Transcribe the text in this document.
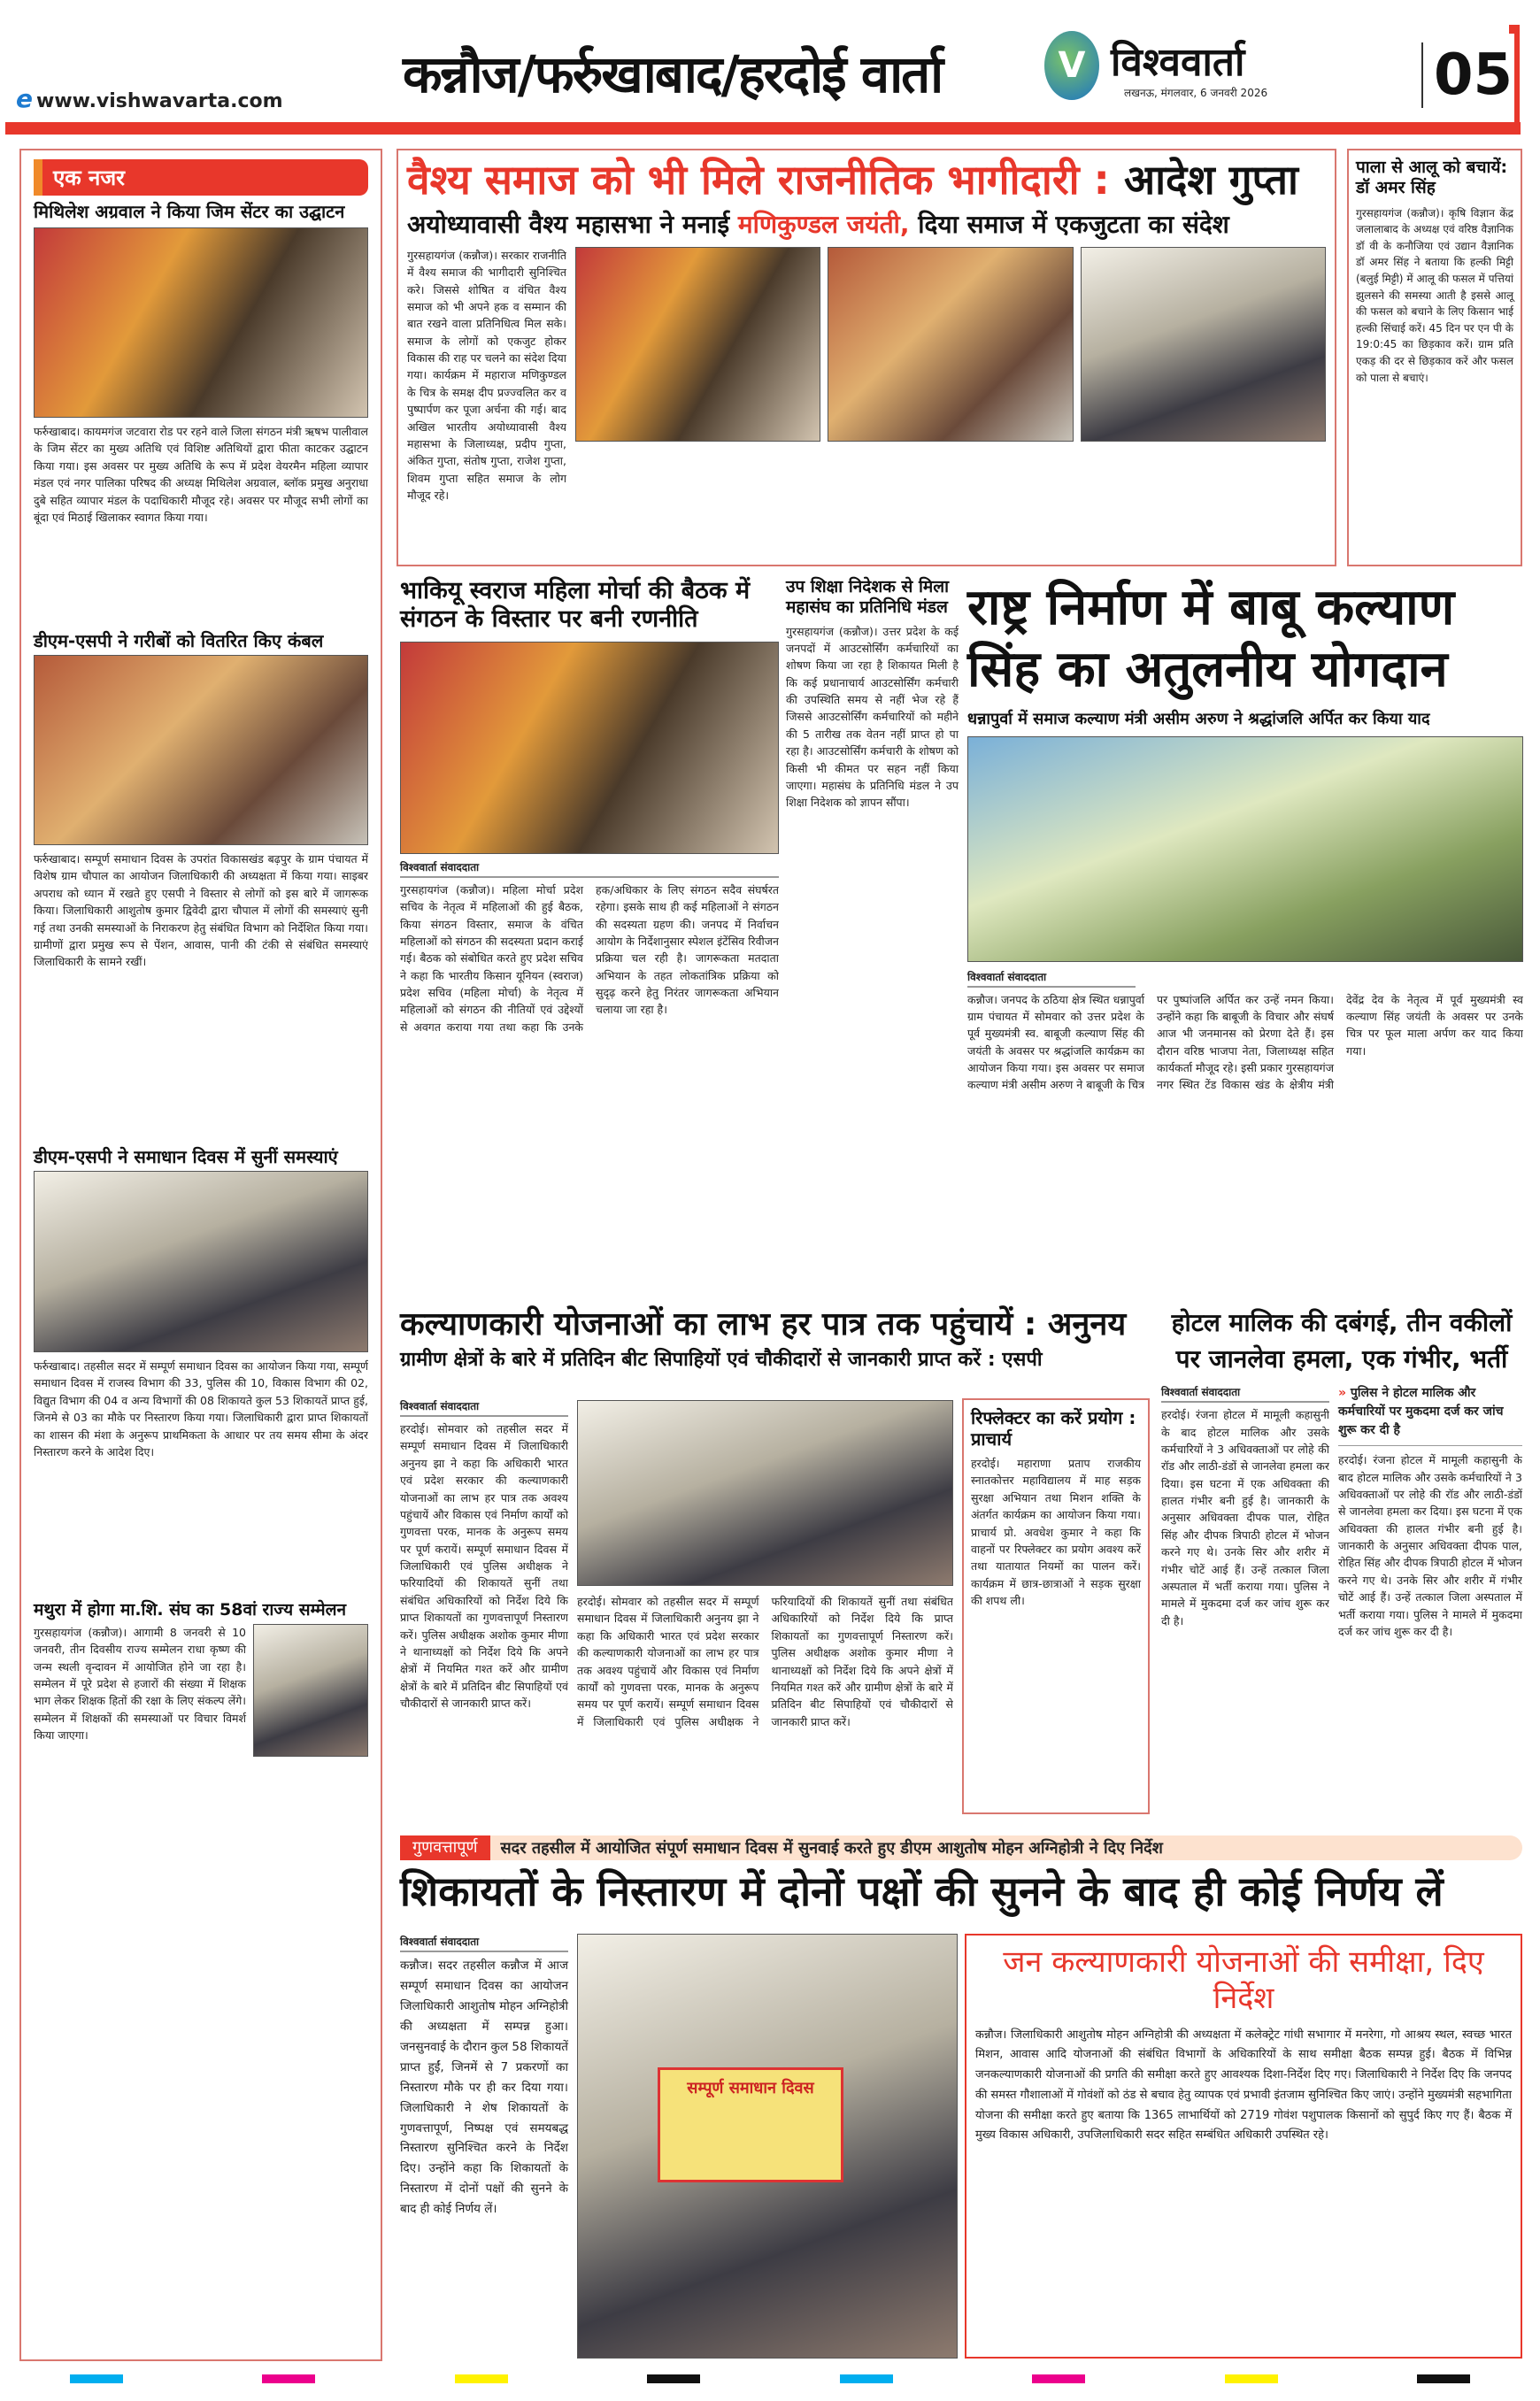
e www.vishwavarta.com कन्नौज/फर्रुखाबाद/हरदोई वार्ता	V विश्ववार्ता
लखनऊ, मंगलवार, 6 जनवरी 2026	05
एक नजर
मिथिलेश अग्रवाल ने किया जिम सेंटर का उद्घाटन
फर्रुखाबाद। कायमगंज जटवारा रोड पर रहने वाले जिला संगठन मंत्री ऋषभ पालीवाल के जिम सेंटर का मुख्य अतिथि एवं विशिष्ट अतिथियों द्वारा फीता काटकर उद्घाटन किया गया। इस अवसर पर मुख्य अतिथि के रूप में प्रदेश वेयरमैन महिला व्यापार मंडल एवं नगर पालिका परिषद की अध्यक्ष मिथिलेश अग्रवाल, ब्लॉक प्रमुख अनुराधा दुबे सहित व्यापार मंडल के पदाधिकारी मौजूद रहे। अवसर पर मौजूद सभी लोगों का बूंदा एवं मिठाई खिलाकर स्वागत किया गया।
डीएम-एसपी ने गरीबों को वितरित किए कंबल
फर्रुखाबाद। सम्पूर्ण समाधान दिवस के उपरांत विकासखंड बढ़पुर के ग्राम पंचायत में विशेष ग्राम चौपाल का आयोजन जिलाधिकारी की अध्यक्षता में किया गया। साइबर अपराध को ध्यान में रखते हुए एसपी ने विस्तार से लोगों को इस बारे में जागरूक किया। जिलाधिकारी आशुतोष कुमार द्विवेदी द्वारा चौपाल में लोगों की समस्याएं सुनी गई तथा उनकी समस्याओं के निराकरण हेतु संबंधित विभाग को निर्देशित किया गया। ग्रामीणों द्वारा प्रमुख रूप से पेंशन, आवास, पानी की टंकी से संबंधित समस्याएं जिलाधिकारी के सामने रखीं।
डीएम-एसपी ने समाधान दिवस में सुनीं समस्याएं
फर्रुखाबाद। तहसील सदर में सम्पूर्ण समाधान दिवस का आयोजन किया गया, सम्पूर्ण समाधान दिवस में राजस्व विभाग की 33, पुलिस की 10, विकास विभाग की 02, विद्युत विभाग की 04 व अन्य विभागों की 08 शिकायते कुल 53 शिकायतें प्राप्त हुई, जिनमे से 03 का मौके पर निस्तारण किया गया। जिलाधिकारी द्वारा प्राप्त शिकायतों का शासन की मंशा के अनुरूप प्राथमिकता के आधार पर तय समय सीमा के अंदर निस्तारण करने के आदेश दिए।
मथुरा में होगा मा.शि. संघ का 58वां राज्य सम्मेलन
गुरसहायगंज (कन्नौज)। आगामी 8 जनवरी से 10 जनवरी, तीन दिवसीय राज्य सम्मेलन राधा कृष्ण की जन्म स्थली वृन्दावन में आयोजित होने जा रहा है। सम्मेलन में पूरे प्रदेश से हजारों की संख्या में शिक्षक भाग लेकर शिक्षक हितों की रक्षा के लिए संकल्प लेंगे। सम्मेलन में शिक्षकों की समस्याओं पर विचार विमर्श किया जाएगा।
वैश्य समाज को भी मिले राजनीतिक भागीदारी : आदेश गुप्ता
अयोध्यावासी वैश्य महासभा ने मनाई मणिकुण्डल जयंती, दिया समाज में एकजुटता का संदेश
गुरसहायगंज (कन्नौज)। सरकार राजनीति में वैश्य समाज की भागीदारी सुनिश्चित करे। जिससे शोषित व वंचित वैश्य समाज को भी अपने हक व सम्मान की बात रखने वाला प्रतिनिधित्व मिल सके। समाज के लोगों को एकजुट होकर विकास की राह पर चलने का संदेश दिया गया। कार्यक्रम में महाराज मणिकुण्डल के चित्र के समक्ष दीप प्रज्ज्वलित कर व पुष्पार्पण कर पूजा अर्चना की गई। बाद अखिल भारतीय अयोध्यावासी वैश्य महासभा के जिलाध्यक्ष, प्रदीप गुप्ता, अंकित गुप्ता, संतोष गुप्ता, राजेश गुप्ता, शिवम गुप्ता सहित समाज के लोग मौजूद रहे।
पाला से आलू को बचायें: डॉ अमर सिंह
गुरसहायगंज (कन्नौज)। कृषि विज्ञान केंद्र जलालाबाद के अध्यक्ष एवं वरिष्ठ वैज्ञानिक डॉ वी के कनौजिया एवं उद्यान वैज्ञानिक डॉ अमर सिंह ने बताया कि हल्की मिट्टी (बलुई मिट्टी) में आलू की फसल में पत्तियां झुलसने की समस्या आती है इससे आलू की फसल को बचाने के लिए किसान भाई हल्की सिंचाई करें। 45 दिन पर एन पी के 19:0:45 का छिड़काव करें। ग्राम प्रति एकड़ की दर से छिड़काव करें और फसल को पाला से बचाएं।
भाकियू स्वराज महिला मोर्चा की बैठक में संगठन के विस्तार पर बनी रणनीति
विश्ववार्ता संवाददाता
गुरसहायगंज (कन्नौज)। महिला मोर्चा प्रदेश सचिव के नेतृत्व में महिलाओं की हुई बैठक, किया संगठन विस्तार, समाज के वंचित महिलाओं को संगठन की सदस्यता प्रदान कराई गई। बैठक को संबोधित करते हुए प्रदेश सचिव ने कहा कि भारतीय किसान यूनियन (स्वराज) प्रदेश सचिव (महिला मोर्चा) के नेतृत्व में महिलाओं को संगठन की नीतियों एवं उद्देश्यों से अवगत कराया गया तथा कहा कि उनके हक/अधिकार के लिए संगठन सदैव संघर्षरत रहेगा। इसके साथ ही कई महिलाओं ने संगठन की सदस्यता ग्रहण की। जनपद में निर्वाचन आयोग के निर्देशानुसार स्पेशल इंटेंसिव रिवीजन प्रक्रिया चल रही है। जागरूकता मतदाता अभियान के तहत लोकतांत्रिक प्रक्रिया को सुदृढ़ करने हेतु निरंतर जागरूकता अभियान चलाया जा रहा है।
उप शिक्षा निदेशक से मिला महासंघ का प्रतिनिधि मंडल
गुरसहायगंज (कन्नौज)। उत्तर प्रदेश के कई जनपदों में आउटसोर्सिंग कर्मचारियों का शोषण किया जा रहा है शिकायत मिली है कि कई प्रधानाचार्य आउटसोर्सिंग कर्मचारी की उपस्थिति समय से नहीं भेज रहे हैं जिससे आउटसोर्सिंग कर्मचारियों को महीने की 5 तारीख तक वेतन नहीं प्राप्त हो पा रहा है। आउटसोर्सिंग कर्मचारी के शोषण को किसी भी कीमत पर सहन नहीं किया जाएगा। महासंघ के प्रतिनिधि मंडल ने उप शिक्षा निदेशक को ज्ञापन सौंपा।
राष्ट्र निर्माण में बाबू कल्याण सिंह का अतुलनीय योगदान
धन्नापुर्वा में समाज कल्याण मंत्री असीम अरुण ने श्रद्धांजलि अर्पित कर किया याद
विश्ववार्ता संवाददाता
कन्नौज। जनपद के ठठिया क्षेत्र स्थित धन्नापुर्वा ग्राम पंचायत में सोमवार को उत्तर प्रदेश के पूर्व मुख्यमंत्री स्व. बाबूजी कल्याण सिंह की जयंती के अवसर पर श्रद्धांजलि कार्यक्रम का आयोजन किया गया। इस अवसर पर समाज कल्याण मंत्री असीम अरुण ने बाबूजी के चित्र पर पुष्पांजलि अर्पित कर उन्हें नमन किया। उन्होंने कहा कि बाबूजी के विचार और संघर्ष आज भी जनमानस को प्रेरणा देते हैं। इस दौरान वरिष्ठ भाजपा नेता, जिलाध्यक्ष सहित कार्यकर्ता मौजूद रहे। इसी प्रकार गुरसहायगंज नगर स्थित टेंड विकास खंड के क्षेत्रीय मंत्री देवेंद्र देव के नेतृत्व में पूर्व मुख्यमंत्री स्व कल्याण सिंह जयंती के अवसर पर उनके चित्र पर फूल माला अर्पण कर याद किया गया।
कल्याणकारी योजनाओं का लाभ हर पात्र तक पहुंचायें : अनुनय
ग्रामीण क्षेत्रों के बारे में प्रतिदिन बीट सिपाहियों एवं चौकीदारों से जानकारी प्राप्त करें : एसपी
विश्ववार्ता संवाददाता
हरदोई। सोमवार को तहसील सदर में सम्पूर्ण समाधान दिवस में जिलाधिकारी अनुनय झा ने कहा कि अधिकारी भारत एवं प्रदेश सरकार की कल्याणकारी योजनाओं का लाभ हर पात्र तक अवश्य पहुंचायें और विकास एवं निर्माण कार्यों को गुणवत्ता परक, मानक के अनुरूप समय पर पूर्ण करायें। सम्पूर्ण समाधान दिवस में जिलाधिकारी एवं पुलिस अधीक्षक ने फरियादियों की शिकायतें सुनीं तथा संबंधित अधिकारियों को निर्देश दिये कि प्राप्त शिकायतों का गुणवत्तापूर्ण निस्तारण करें। पुलिस अधीक्षक अशोक कुमार मीणा ने थानाध्यक्षों को निर्देश दिये कि अपने क्षेत्रों में नियमित गश्त करें और ग्रामीण क्षेत्रों के बारे में प्रतिदिन बीट सिपाहियों एवं चौकीदारों से जानकारी प्राप्त करें।
हरदोई। सोमवार को तहसील सदर में सम्पूर्ण समाधान दिवस में जिलाधिकारी अनुनय झा ने कहा कि अधिकारी भारत एवं प्रदेश सरकार की कल्याणकारी योजनाओं का लाभ हर पात्र तक अवश्य पहुंचायें और विकास एवं निर्माण कार्यों को गुणवत्ता परक, मानक के अनुरूप समय पर पूर्ण करायें। सम्पूर्ण समाधान दिवस में जिलाधिकारी एवं पुलिस अधीक्षक ने फरियादियों की शिकायतें सुनीं तथा संबंधित अधिकारियों को निर्देश दिये कि प्राप्त शिकायतों का गुणवत्तापूर्ण निस्तारण करें। पुलिस अधीक्षक अशोक कुमार मीणा ने थानाध्यक्षों को निर्देश दिये कि अपने क्षेत्रों में नियमित गश्त करें और ग्रामीण क्षेत्रों के बारे में प्रतिदिन बीट सिपाहियों एवं चौकीदारों से जानकारी प्राप्त करें।
रिफ्लेक्टर का करें प्रयोग : प्राचार्य
हरदोई। महाराणा प्रताप राजकीय स्नातकोत्तर महाविद्यालय में माह सड़क सुरक्षा अभियान तथा मिशन शक्ति के अंतर्गत कार्यक्रम का आयोजन किया गया। प्राचार्य प्रो. अवधेश कुमार ने कहा कि वाहनों पर रिफ्लेक्टर का प्रयोग अवश्य करें तथा यातायात नियमों का पालन करें। कार्यक्रम में छात्र-छात्राओं ने सड़क सुरक्षा की शपथ ली।
होटल मालिक की दबंगई, तीन वकीलों पर जानलेवा हमला, एक गंभीर, भर्ती
विश्ववार्ता संवाददाता
हरदोई। रंजना होटल में मामूली कहासुनी के बाद होटल मालिक और उसके कर्मचारियों ने 3 अधिवक्ताओं पर लोहे की रॉड और लाठी-डंडों से जानलेवा हमला कर दिया। इस घटना में एक अधिवक्ता की हालत गंभीर बनी हुई है। जानकारी के अनुसार अधिवक्ता दीपक पाल, रोहित सिंह और दीपक त्रिपाठी होटल में भोजन करने गए थे। उनके सिर और शरीर में गंभीर चोटें आई हैं। उन्हें तत्काल जिला अस्पताल में भर्ती कराया गया। पुलिस ने मामले में मुकदमा दर्ज कर जांच शुरू कर दी है।
» पुलिस ने होटल मालिक और कर्मचारियों पर मुकदमा दर्ज कर जांच शुरू कर दी है
हरदोई। रंजना होटल में मामूली कहासुनी के बाद होटल मालिक और उसके कर्मचारियों ने 3 अधिवक्ताओं पर लोहे की रॉड और लाठी-डंडों से जानलेवा हमला कर दिया। इस घटना में एक अधिवक्ता की हालत गंभीर बनी हुई है। जानकारी के अनुसार अधिवक्ता दीपक पाल, रोहित सिंह और दीपक त्रिपाठी होटल में भोजन करने गए थे। उनके सिर और शरीर में गंभीर चोटें आई हैं। उन्हें तत्काल जिला अस्पताल में भर्ती कराया गया। पुलिस ने मामले में मुकदमा दर्ज कर जांच शुरू कर दी है।
गुणवत्तापूर्ण	सदर तहसील में आयोजित संपूर्ण समाधान दिवस में सुनवाई करते हुए डीएम आशुतोष मोहन अग्निहोत्री ने दिए निर्देश
शिकायतों के निस्तारण में दोनों पक्षों की सुनने के बाद ही कोई निर्णय लें
विश्ववार्ता संवाददाता
कन्नौज। सदर तहसील कन्नौज में आज सम्पूर्ण समाधान दिवस का आयोजन जिलाधिकारी आशुतोष मोहन अग्निहोत्री की अध्यक्षता में सम्पन्न हुआ। जनसुनवाई के दौरान कुल 58 शिकायतें प्राप्त हुईं, जिनमें से 7 प्रकरणों का निस्तारण मौके पर ही कर दिया गया। जिलाधिकारी ने शेष शिकायतों के गुणवत्तापूर्ण, निष्पक्ष एवं समयबद्ध निस्तारण सुनिश्चित करने के निर्देश दिए। उन्होंने कहा कि शिकायतों के निस्तारण में दोनों पक्षों की सुनने के बाद ही कोई निर्णय लें।
सम्पूर्ण समाधान दिवस
जन कल्याणकारी योजनाओं की समीक्षा, दिए निर्देश
कन्नौज। जिलाधिकारी आशुतोष मोहन अग्निहोत्री की अध्यक्षता में कलेक्ट्रेट गांधी सभागार में मनरेगा, गो आश्रय स्थल, स्वच्छ भारत मिशन, आवास आदि योजनाओं की संबंधित विभागों के अधिकारियों के साथ समीक्षा बैठक सम्पन्न हुई। बैठक में विभिन्न जनकल्याणकारी योजनाओं की प्रगति की समीक्षा करते हुए आवश्यक दिशा-निर्देश दिए गए। जिलाधिकारी ने निर्देश दिए कि जनपद की समस्त गौशालाओं में गोवंशों को ठंड से बचाव हेतु व्यापक एवं प्रभावी इंतजाम सुनिश्चित किए जाएं। उन्होंने मुख्यमंत्री सहभागिता योजना की समीक्षा करते हुए बताया कि 1365 लाभार्थियों को 2719 गोवंश पशुपालक किसानों को सुपुर्द किए गए हैं। बैठक में मुख्य विकास अधिकारी, उपजिलाधिकारी सदर सहित सम्बंधित अधिकारी उपस्थित रहे।
